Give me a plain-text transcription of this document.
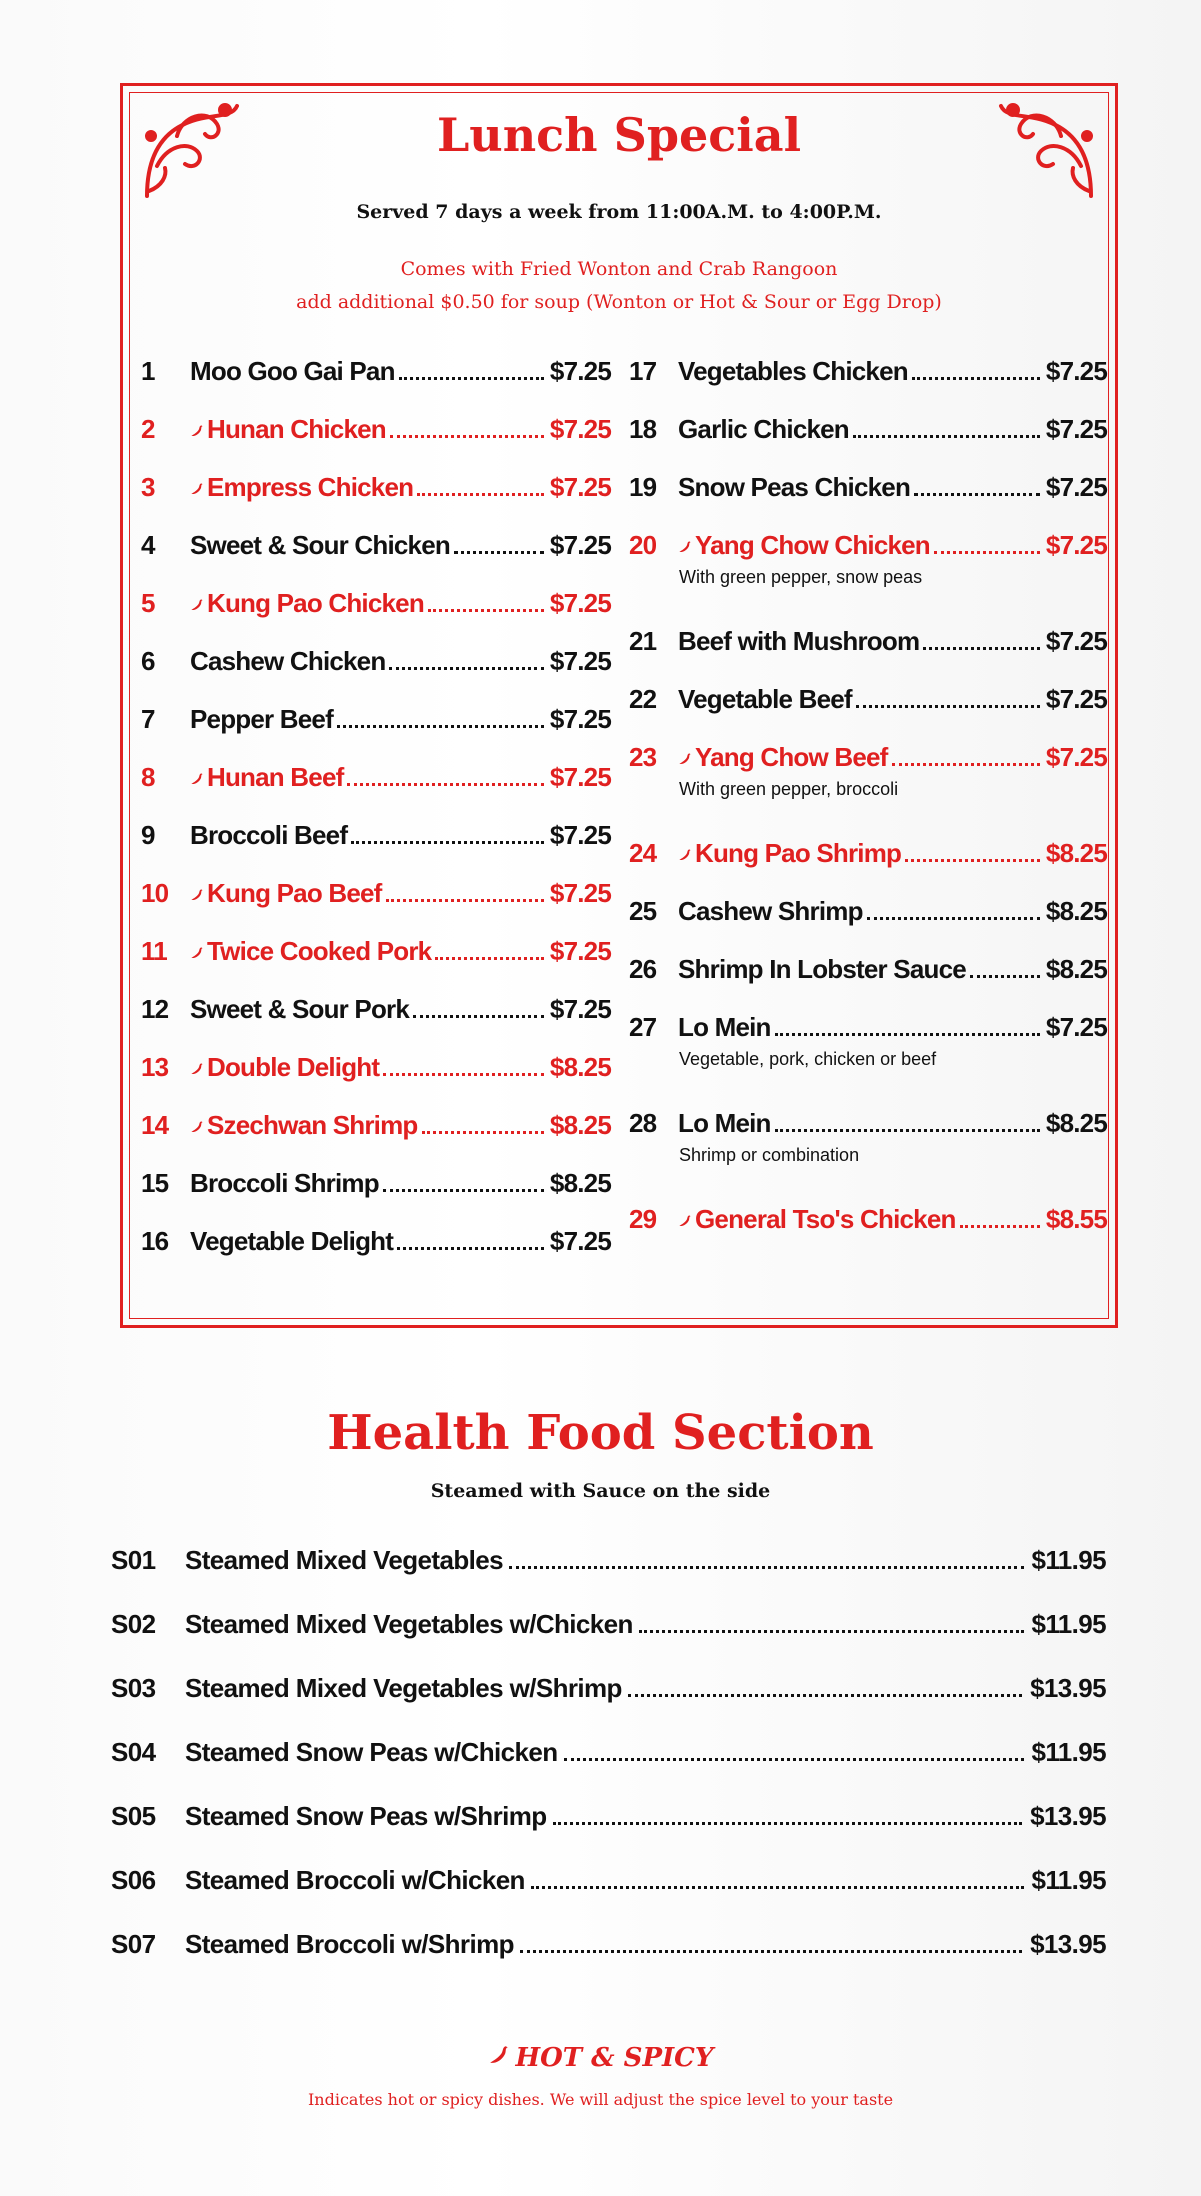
Lunch Special
Served 7 days a week from 11:00A.M. to 4:00P.M.
Comes with Fried Wonton and Crab Rangoon
add additional $0.50 for soup (Wonton or Hot & Sour or Egg Drop)
1	Moo Goo Gai Pan	$7.25
2	Hunan Chicken	$7.25
3	Empress Chicken	$7.25
4	Sweet & Sour Chicken	$7.25
5	Kung Pao Chicken	$7.25
6	Cashew Chicken	$7.25
7	Pepper Beef	$7.25
8	Hunan Beef	$7.25
9	Broccoli Beef	$7.25
10	Kung Pao Beef	$7.25
11	Twice Cooked Pork	$7.25
12 Sweet & Sour Pork	$7.25
13	Double Delight	$8.25
14	Szechwan Shrimp	$8.25
15 Broccoli Shrimp	$8.25
16 Vegetable Delight	$7.25
17 Vegetables Chicken	$7.25
18 Garlic Chicken	$7.25
19 Snow Peas Chicken	$7.25
20	Yang Chow Chicken	$7.25
With green pepper, snow peas
21 Beef with Mushroom	$7.25
22 Vegetable Beef	$7.25
23	Yang Chow Beef	$7.25
With green pepper, broccoli
24	Kung Pao Shrimp	$8.25
25 Cashew Shrimp	$8.25
26 Shrimp In Lobster Sauce	$8.25
27 Lo Mein	$7.25
Vegetable, pork, chicken or beef
28 Lo Mein	$8.25
Shrimp or combination
29	General Tso's Chicken	$8.55
Health Food Section
Steamed with Sauce on the side
S01	Steamed Mixed Vegetables	$11.95
S02	Steamed Mixed Vegetables w/Chicken	$11.95
S03	Steamed Mixed Vegetables w/Shrimp	$13.95
S04	Steamed Snow Peas w/Chicken	$11.95
S05	Steamed Snow Peas w/Shrimp	$13.95
S06	Steamed Broccoli w/Chicken	$11.95
S07	Steamed Broccoli w/Shrimp	$13.95
HOT & SPICY
Indicates hot or spicy dishes. We will adjust the spice level to your taste
